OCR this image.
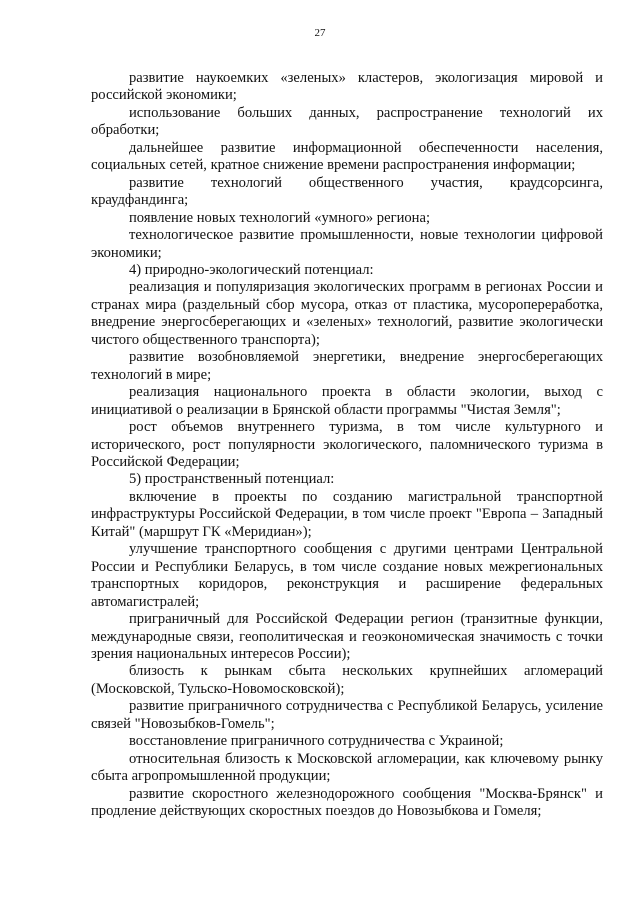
27

развитие наукоемких «зеленых» кластеров, экологизация мировой и российской экономики;

использование больших данных, распространение технологий их обработки;

дальнейшее развитие информационной обеспеченности населения, социальных сетей, кратное снижение времени распространения информации;

развитие технологий общественного участия, краудсорсинга, краудфандинга;

появление новых технологий «умного» региона;

технологическое развитие промышленности, новые технологии цифровой экономики;

4) природно-экологический потенциал:

реализация и популяризация экологических программ в регионах России и странах мира (раздельный сбор мусора, отказ от пластика, мусоропереработка, внедрение энергосберегающих и «зеленых» технологий, развитие экологически чистого общественного транспорта);

развитие возобновляемой энергетики, внедрение энергосберегающих технологий в мире;

реализация национального проекта в области экологии, выход с инициативой о реализации в Брянской области программы "Чистая Земля";

рост объемов внутреннего туризма, в том числе культурного и исторического, рост популярности экологического, паломнического туризма в Российской Федерации;

5) пространственный потенциал:

включение в проекты по созданию магистральной транспортной инфраструктуры Российской Федерации, в том числе проект "Европа – Западный Китай" (маршрут ГК «Меридиан»);

улучшение транспортного сообщения с другими центрами Центральной России и Республики Беларусь, в том числе создание новых межрегиональных транспортных коридоров, реконструкция и расширение федеральных автомагистралей;

приграничный для Российской Федерации регион (транзитные функции, международные связи, геополитическая и геоэкономическая значимость с точки зрения национальных интересов России);

близость к рынкам сбыта нескольких крупнейших агломераций (Московской, Тульско-Новомосковской);

развитие приграничного сотрудничества с Республикой Беларусь, усиление связей "Новозыбков-Гомель";

восстановление приграничного сотрудничества с Украиной;

относительная близость к Московской агломерации, как ключевому рынку сбыта агропромышленной продукции;

развитие скоростного железнодорожного сообщения "Москва-Брянск" и продление действующих скоростных поездов до Новозыбкова и Гомеля;
